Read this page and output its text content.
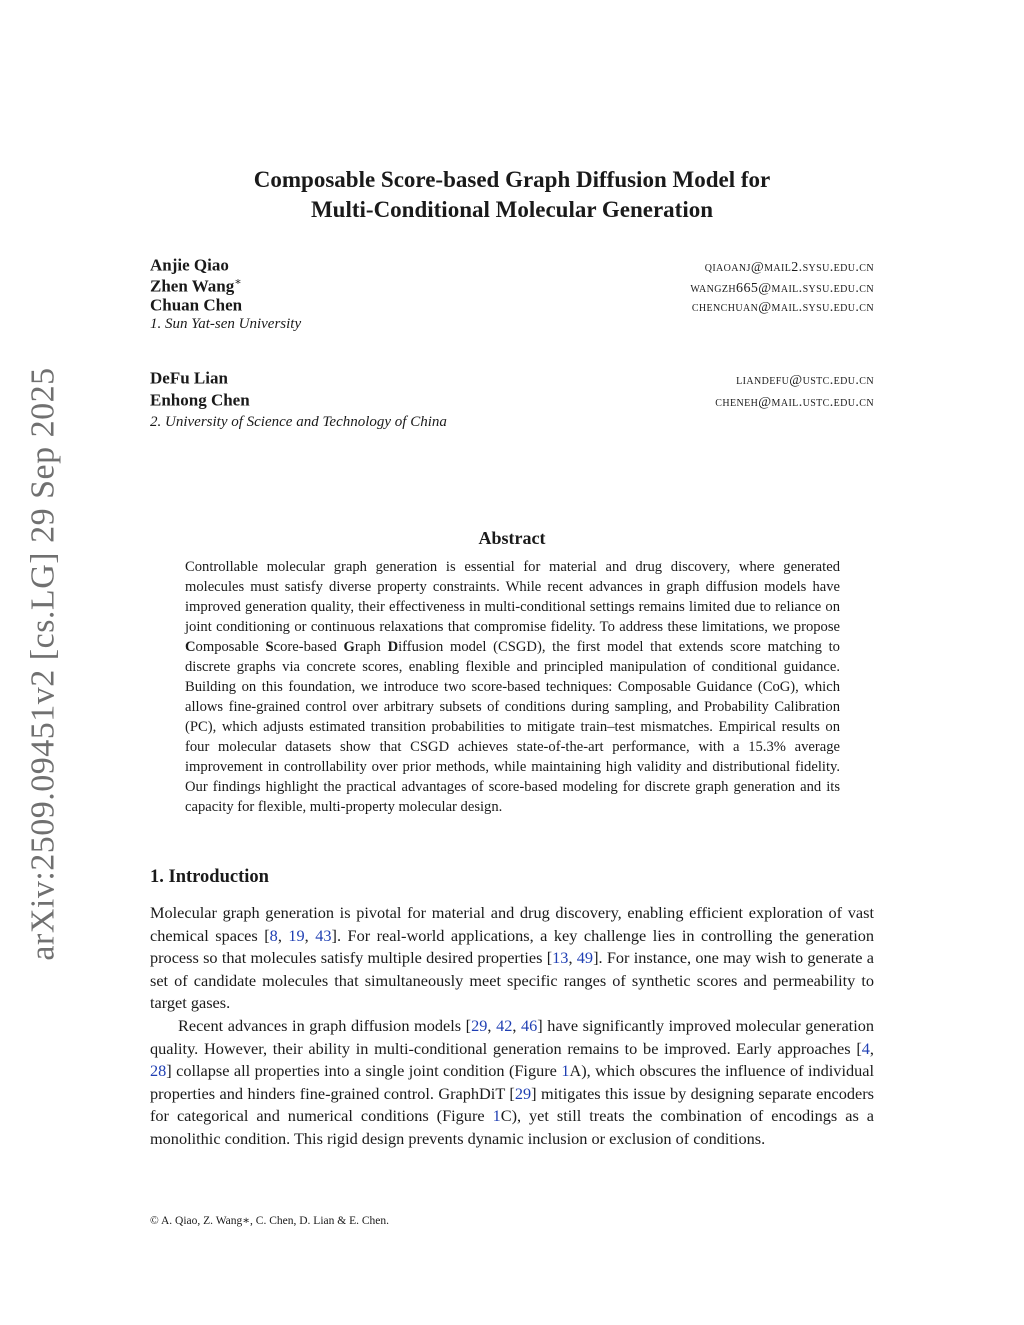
arXiv:2509.09451v2 [cs.LG] 29 Sep 2025
Composable Score-based Graph Diffusion Model for
Multi-Conditional Molecular Generation
Anjie Qiao	qiaoanj@mail2.sysu.edu.cn
Zhen Wang∗	wangzh665@mail.sysu.edu.cn
Chuan Chen	chenchuan@mail.sysu.edu.cn
1. Sun Yat-sen University
DeFu Lian	liandefu@ustc.edu.cn
Enhong Chen	cheneh@mail.ustc.edu.cn
2. University of Science and Technology of China
Abstract

Controllable molecular graph generation is essential for material and drug discovery, where generated molecules must satisfy diverse property constraints. While recent advances in graph diffusion models have improved generation quality, their effectiveness in multi-conditional settings remains limited due to reliance on joint conditioning or continuous relaxations that compromise fidelity. To address these limitations, we propose Composable Score-based Graph Diffusion model (CSGD), the first model that extends score matching to discrete graphs via concrete scores, enabling flexible and principled manipulation of conditional guidance. Building on this foundation, we introduce two score-based techniques: Composable Guidance (CoG), which allows fine-grained control over arbitrary subsets of conditions during sampling, and Probability Calibration (PC), which adjusts estimated transition probabilities to mitigate train–test mismatches. Empirical results on four molecular datasets show that CSGD achieves state-of-the-art performance, with a 15.3% average improvement in controllability over prior methods, while maintaining high validity and distributional fidelity. Our findings highlight the practical advantages of score-based modeling for discrete graph generation and its capacity for flexible, multi-property molecular design.

1. Introduction

Molecular graph generation is pivotal for material and drug discovery, enabling efficient exploration of vast chemical spaces [8, 19, 43]. For real-world applications, a key challenge lies in controlling the generation process so that molecules satisfy multiple desired properties [13, 49]. For instance, one may wish to generate a set of candidate molecules that simultaneously meet specific ranges of synthetic scores and permeability to target gases.

Recent advances in graph diffusion models [29, 42, 46] have significantly improved molecular generation quality. However, their ability in multi-conditional generation remains to be improved. Early approaches [4, 28] collapse all properties into a single joint condition (Figure 1A), which obscures the influence of individual properties and hinders fine-grained control. GraphDiT [29] mitigates this issue by designing separate encoders for categorical and numerical conditions (Figure 1C), yet still treats the combination of encodings as a monolithic condition. This rigid design prevents dynamic inclusion or exclusion of conditions.

© A. Qiao, Z. Wang∗, C. Chen, D. Lian & E. Chen.
